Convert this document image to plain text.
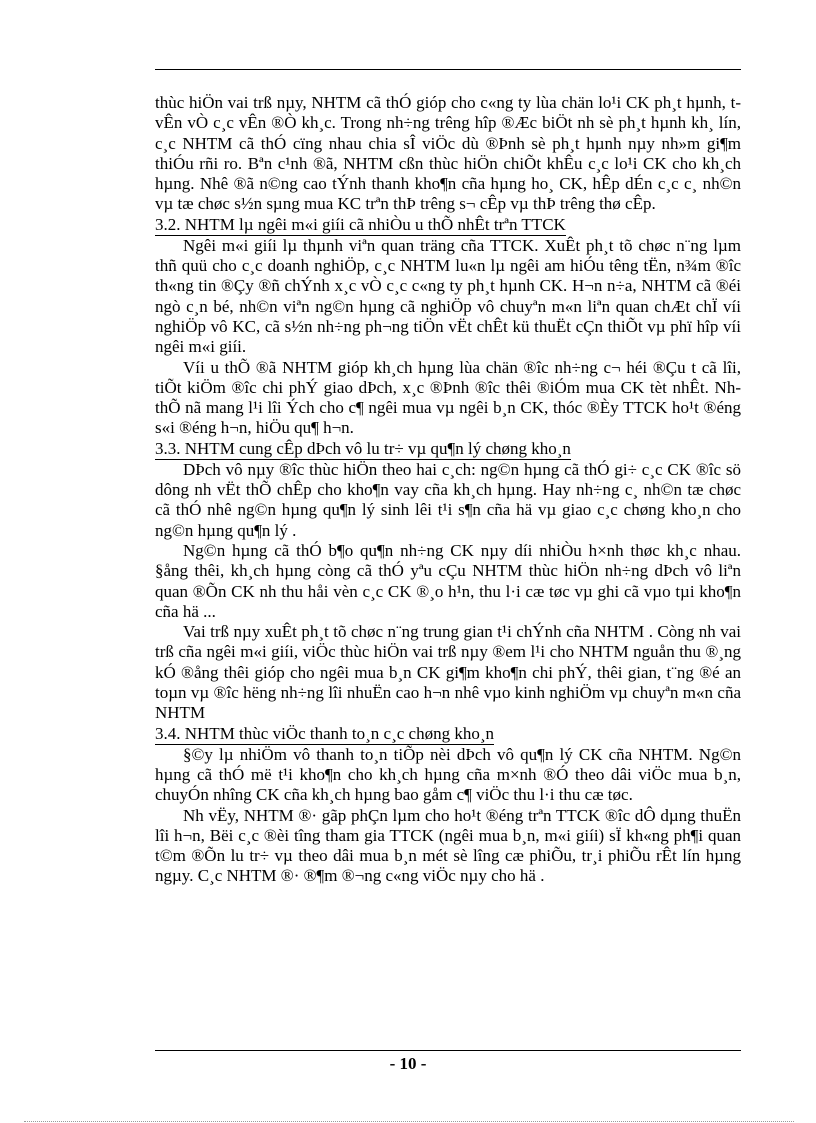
thùc hiÖn vai trß nµy, NHTM cã thÓ gióp cho c«ng ty lùa chän lo¹i CK ph¸t hµnh, t vÊn vÒ c¸c vÊn ®Ò kh¸c. Trong nh÷ng trêng hîp ®Æc biÖt nh sè ph¸t hµnh kh¸ lín, c¸c NHTM cã thÓ cïng nhau chia sÎ viÖc dù ®Þnh sè ph¸t hµnh nµy nh»m gi¶m thiÓu rñi ro. Bªn c¹nh ®ã, NHTM cßn thùc hiÖn chiÕt khÊu c¸c lo¹i CK cho kh¸ch hµng. Nhê ®ã n©ng cao tÝnh thanh kho¶n cña hµng ho¸ CK, hÊp dÉn c¸c c¸ nh©n vµ tæ chøc s½n sµng mua KC trªn thÞ trêng s¬ cÊp vµ thÞ trêng thø cÊp.

3.2. NHTM lµ ngêi m«i giíi cã nhiÒu u thÕ nhÊt trªn TTCK

Ngêi m«i giíi lµ thµnh viªn quan träng cña TTCK. XuÊt ph¸t tõ chøc n¨ng lµm thñ quü cho c¸c doanh nghiÖp, c¸c NHTM lu«n lµ ngêi am hiÓu têng tËn, n¾m ®îc th«ng tin ®Çy ®ñ chÝnh x¸c vÒ c¸c c«ng ty ph¸t hµnh CK. H¬n n÷a, NHTM cã ®éi ngò c¸n bé, nh©n viªn ng©n hµng cã nghiÖp vô chuyªn m«n liªn quan chÆt chÏ víi nghiÖp vô KC, cã s½n nh÷ng ph¬ng tiÖn vËt chÊt kü thuËt cÇn thiÕt vµ phï hîp víi ngêi m«i giíi.

Víi u thÕ ®ã NHTM gióp kh¸ch hµng lùa chän ®îc nh÷ng c¬ héi ®Çu t cã lîi, tiÕt kiÖm ®îc chi phÝ giao dÞch, x¸c ®Þnh ®îc thêi ®iÓm mua CK tèt nhÊt. Nh thÕ nã mang l¹i lîi Ých cho c¶ ngêi mua vµ ngêi b¸n CK, thóc ®Èy TTCK ho¹t ®éng s«i ®éng h¬n, hiÖu qu¶ h¬n.

3.3. NHTM cung cÊp dÞch vô lu tr÷ vµ qu¶n lý chøng kho¸n

DÞch vô nµy ®îc thùc hiÖn theo hai c¸ch: ng©n hµng cã thÓ gi÷ c¸c CK ®îc sö dông nh vËt thÕ chÊp cho kho¶n vay cña kh¸ch hµng. Hay nh÷ng c¸ nh©n tæ chøc cã thÓ nhê ng©n hµng qu¶n lý sinh lêi t¹i s¶n cña hä vµ giao c¸c chøng kho¸n cho ng©n hµng qu¶n lý .

Ng©n hµng cã thÓ b¶o qu¶n nh÷ng CK nµy díi nhiÒu h×nh thøc kh¸c nhau. §ång thêi, kh¸ch hµng còng cã thÓ yªu cÇu NHTM thùc hiÖn nh÷ng dÞch vô liªn quan ®Õn CK nh thu håi vèn c¸c CK ®¸o h¹n, thu l·i cæ tøc vµ ghi cã vµo tµi kho¶n cña hä ...

Vai trß nµy xuÊt ph¸t tõ chøc n¨ng trung gian t¹i chÝnh cña NHTM . Còng nh vai trß cña ngêi m«i giíi, viÖc thùc hiÖn vai trß nµy ®em l¹i cho NHTM nguån thu ®¸ng kÓ ®ång thêi gióp cho ngêi mua b¸n CK gi¶m kho¶n chi phÝ, thêi gian, t¨ng ®é an toµn vµ ®îc hëng nh÷ng lîi nhuËn cao h¬n nhê vµo kinh nghiÖm vµ chuyªn m«n cña NHTM

3.4. NHTM thùc viÖc thanh to¸n c¸c chøng kho¸n

§©y lµ nhiÖm vô thanh to¸n tiÕp nèi dÞch vô qu¶n lý CK cña NHTM. Ng©n hµng cã thÓ më t¹i kho¶n cho kh¸ch hµng cña m×nh ®Ó theo dâi viÖc mua b¸n, chuyÓn nhîng CK cña kh¸ch hµng bao gåm c¶ viÖc thu l·i thu cæ tøc.

Nh vËy, NHTM ®· gãp phÇn lµm cho ho¹t ®éng trªn TTCK ®îc dÔ dµng thuËn lîi h¬n, Bëi c¸c ®èi tîng tham gia TTCK (ngêi mua b¸n, m«i giíi) sÏ kh«ng ph¶i quan t©m ®Õn lu tr÷ vµ theo dâi mua b¸n mét sè lîng cæ phiÕu, tr¸i phiÕu rÊt lín hµng ngµy. C¸c NHTM ®· ®¶m ®¬ng c«ng viÖc nµy cho hä .

- 10 -
